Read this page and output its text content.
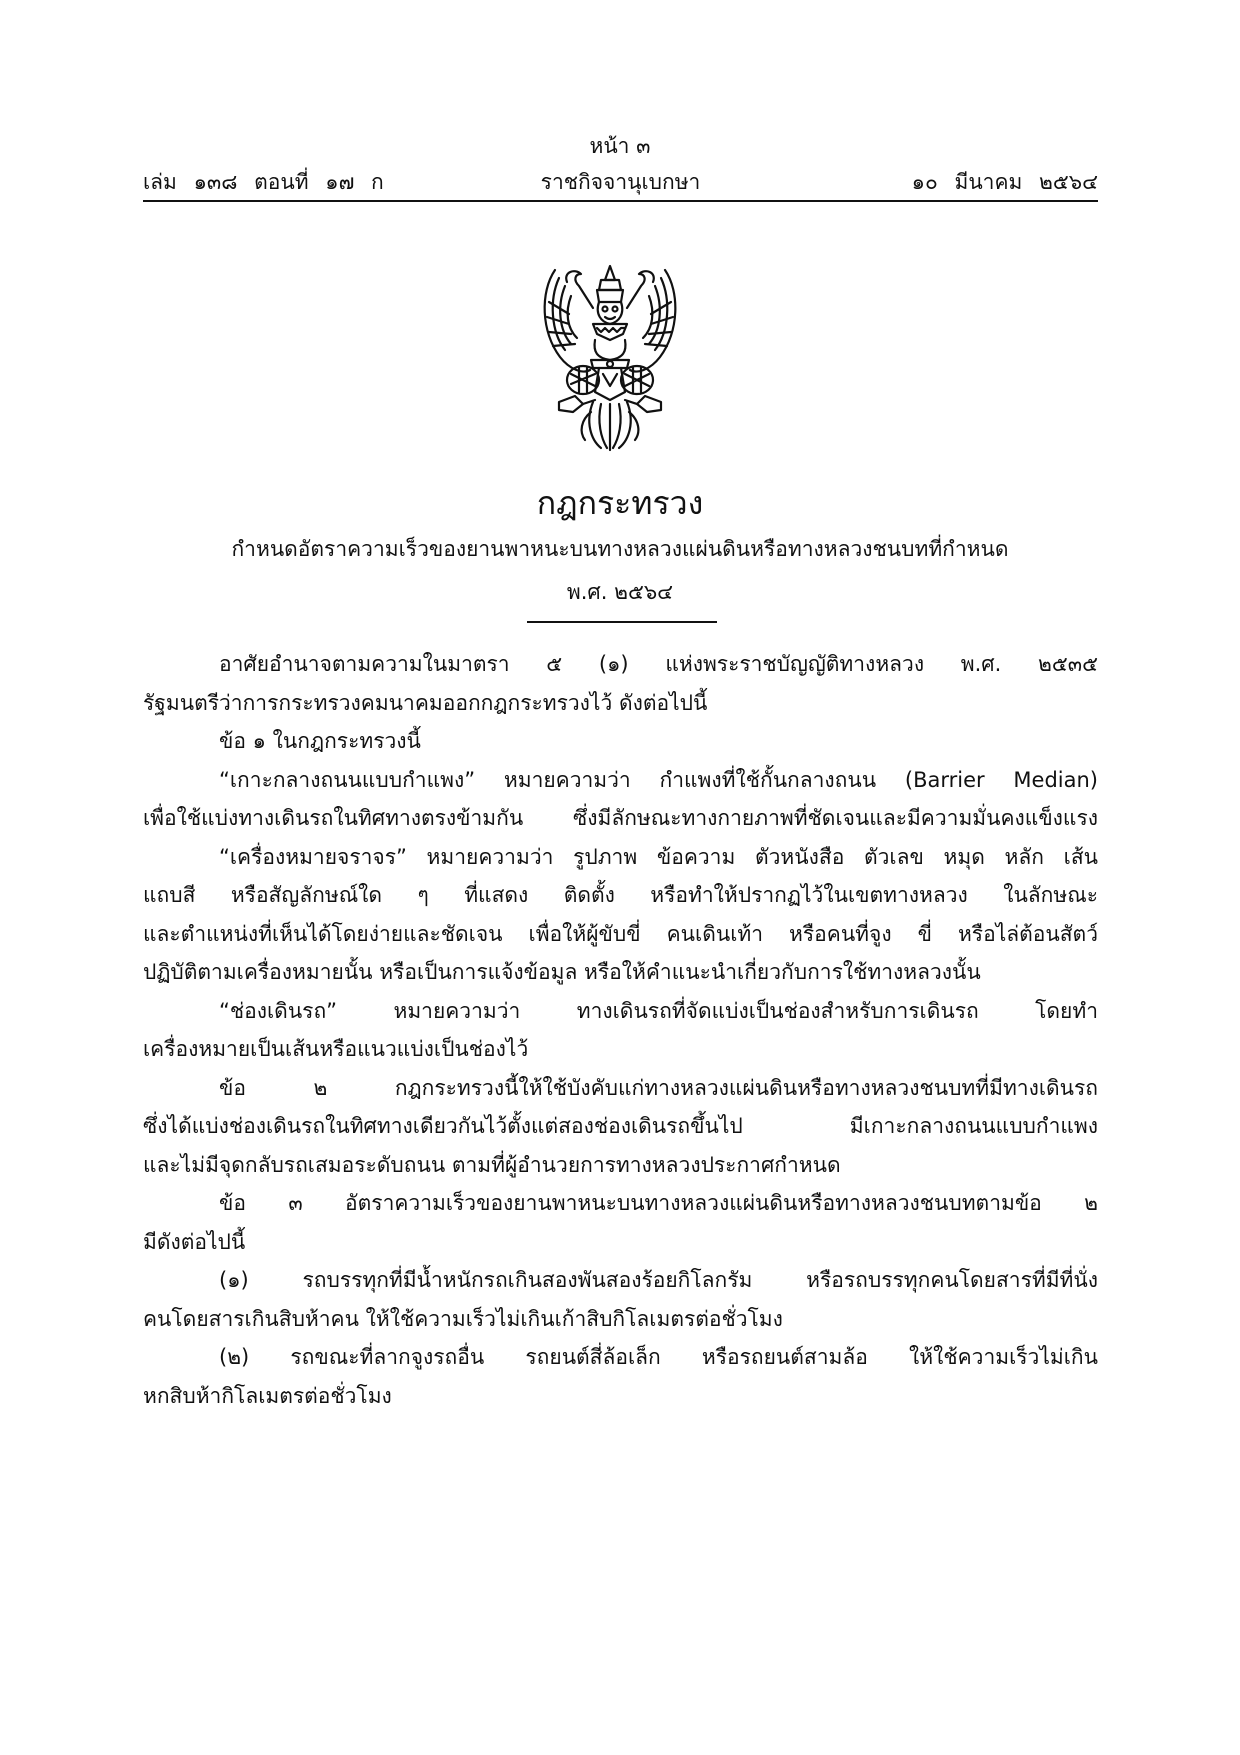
หน้า ๓
เล่ม ๑๓๘ ตอนที่ ๑๗ ก	ราชกิจจานุเบกษา	๑๐ มีนาคม ๒๕๖๔
กฎกระทรวง
กำหนดอัตราความเร็วของยานพาหนะบนทางหลวงแผ่นดินหรือทางหลวงชนบทที่กำหนด
พ.ศ. ๒๕๖๔

อาศัยอำนาจตามความในมาตรา ๕ (๑) แห่งพระราชบัญญัติทางหลวง พ.ศ. ๒๕๓๕

รัฐมนตรีว่าการกระทรวงคมนาคมออกกฎกระทรวงไว้ ดังต่อไปนี้

ข้อ ๑ ในกฎกระทรวงนี้

“เกาะกลางถนนแบบกำแพง” หมายความว่า กำแพงที่ใช้กั้นกลางถนน (Barrier Median)

เพื่อใช้แบ่งทางเดินรถในทิศทางตรงข้ามกัน ซึ่งมีลักษณะทางกายภาพที่ชัดเจนและมีความมั่นคงแข็งแรง

“เครื่องหมายจราจร” หมายความว่า รูปภาพ ข้อความ ตัวหนังสือ ตัวเลข หมุด หลัก เส้น

แถบสี หรือสัญลักษณ์ใด ๆ ที่แสดง ติดตั้ง หรือทำให้ปรากฏไว้ในเขตทางหลวง ในลักษณะ

และตำแหน่งที่เห็นได้โดยง่ายและชัดเจน เพื่อให้ผู้ขับขี่ คนเดินเท้า หรือคนที่จูง ขี่ หรือไล่ต้อนสัตว์

ปฏิบัติตามเครื่องหมายนั้น หรือเป็นการแจ้งข้อมูล หรือให้คำแนะนำเกี่ยวกับการใช้ทางหลวงนั้น

“ช่องเดินรถ” หมายความว่า ทางเดินรถที่จัดแบ่งเป็นช่องสำหรับการเดินรถ โดยทำ

เครื่องหมายเป็นเส้นหรือแนวแบ่งเป็นช่องไว้

ข้อ ๒ กฎกระทรวงนี้ให้ใช้บังคับแก่ทางหลวงแผ่นดินหรือทางหลวงชนบทที่มีทางเดินรถ

ซึ่งได้แบ่งช่องเดินรถในทิศทางเดียวกันไว้ตั้งแต่สองช่องเดินรถขึ้นไป มีเกาะกลางถนนแบบกำแพง

และไม่มีจุดกลับรถเสมอระดับถนน ตามที่ผู้อำนวยการทางหลวงประกาศกำหนด

ข้อ ๓ อัตราความเร็วของยานพาหนะบนทางหลวงแผ่นดินหรือทางหลวงชนบทตามข้อ ๒

มีดังต่อไปนี้

(๑) รถบรรทุกที่มีน้ำหนักรถเกินสองพันสองร้อยกิโลกรัม หรือรถบรรทุกคนโดยสารที่มีที่นั่ง

คนโดยสารเกินสิบห้าคน ให้ใช้ความเร็วไม่เกินเก้าสิบกิโลเมตรต่อชั่วโมง

(๒) รถขณะที่ลากจูงรถอื่น รถยนต์สี่ล้อเล็ก หรือรถยนต์สามล้อ ให้ใช้ความเร็วไม่เกิน

หกสิบห้ากิโลเมตรต่อชั่วโมง
